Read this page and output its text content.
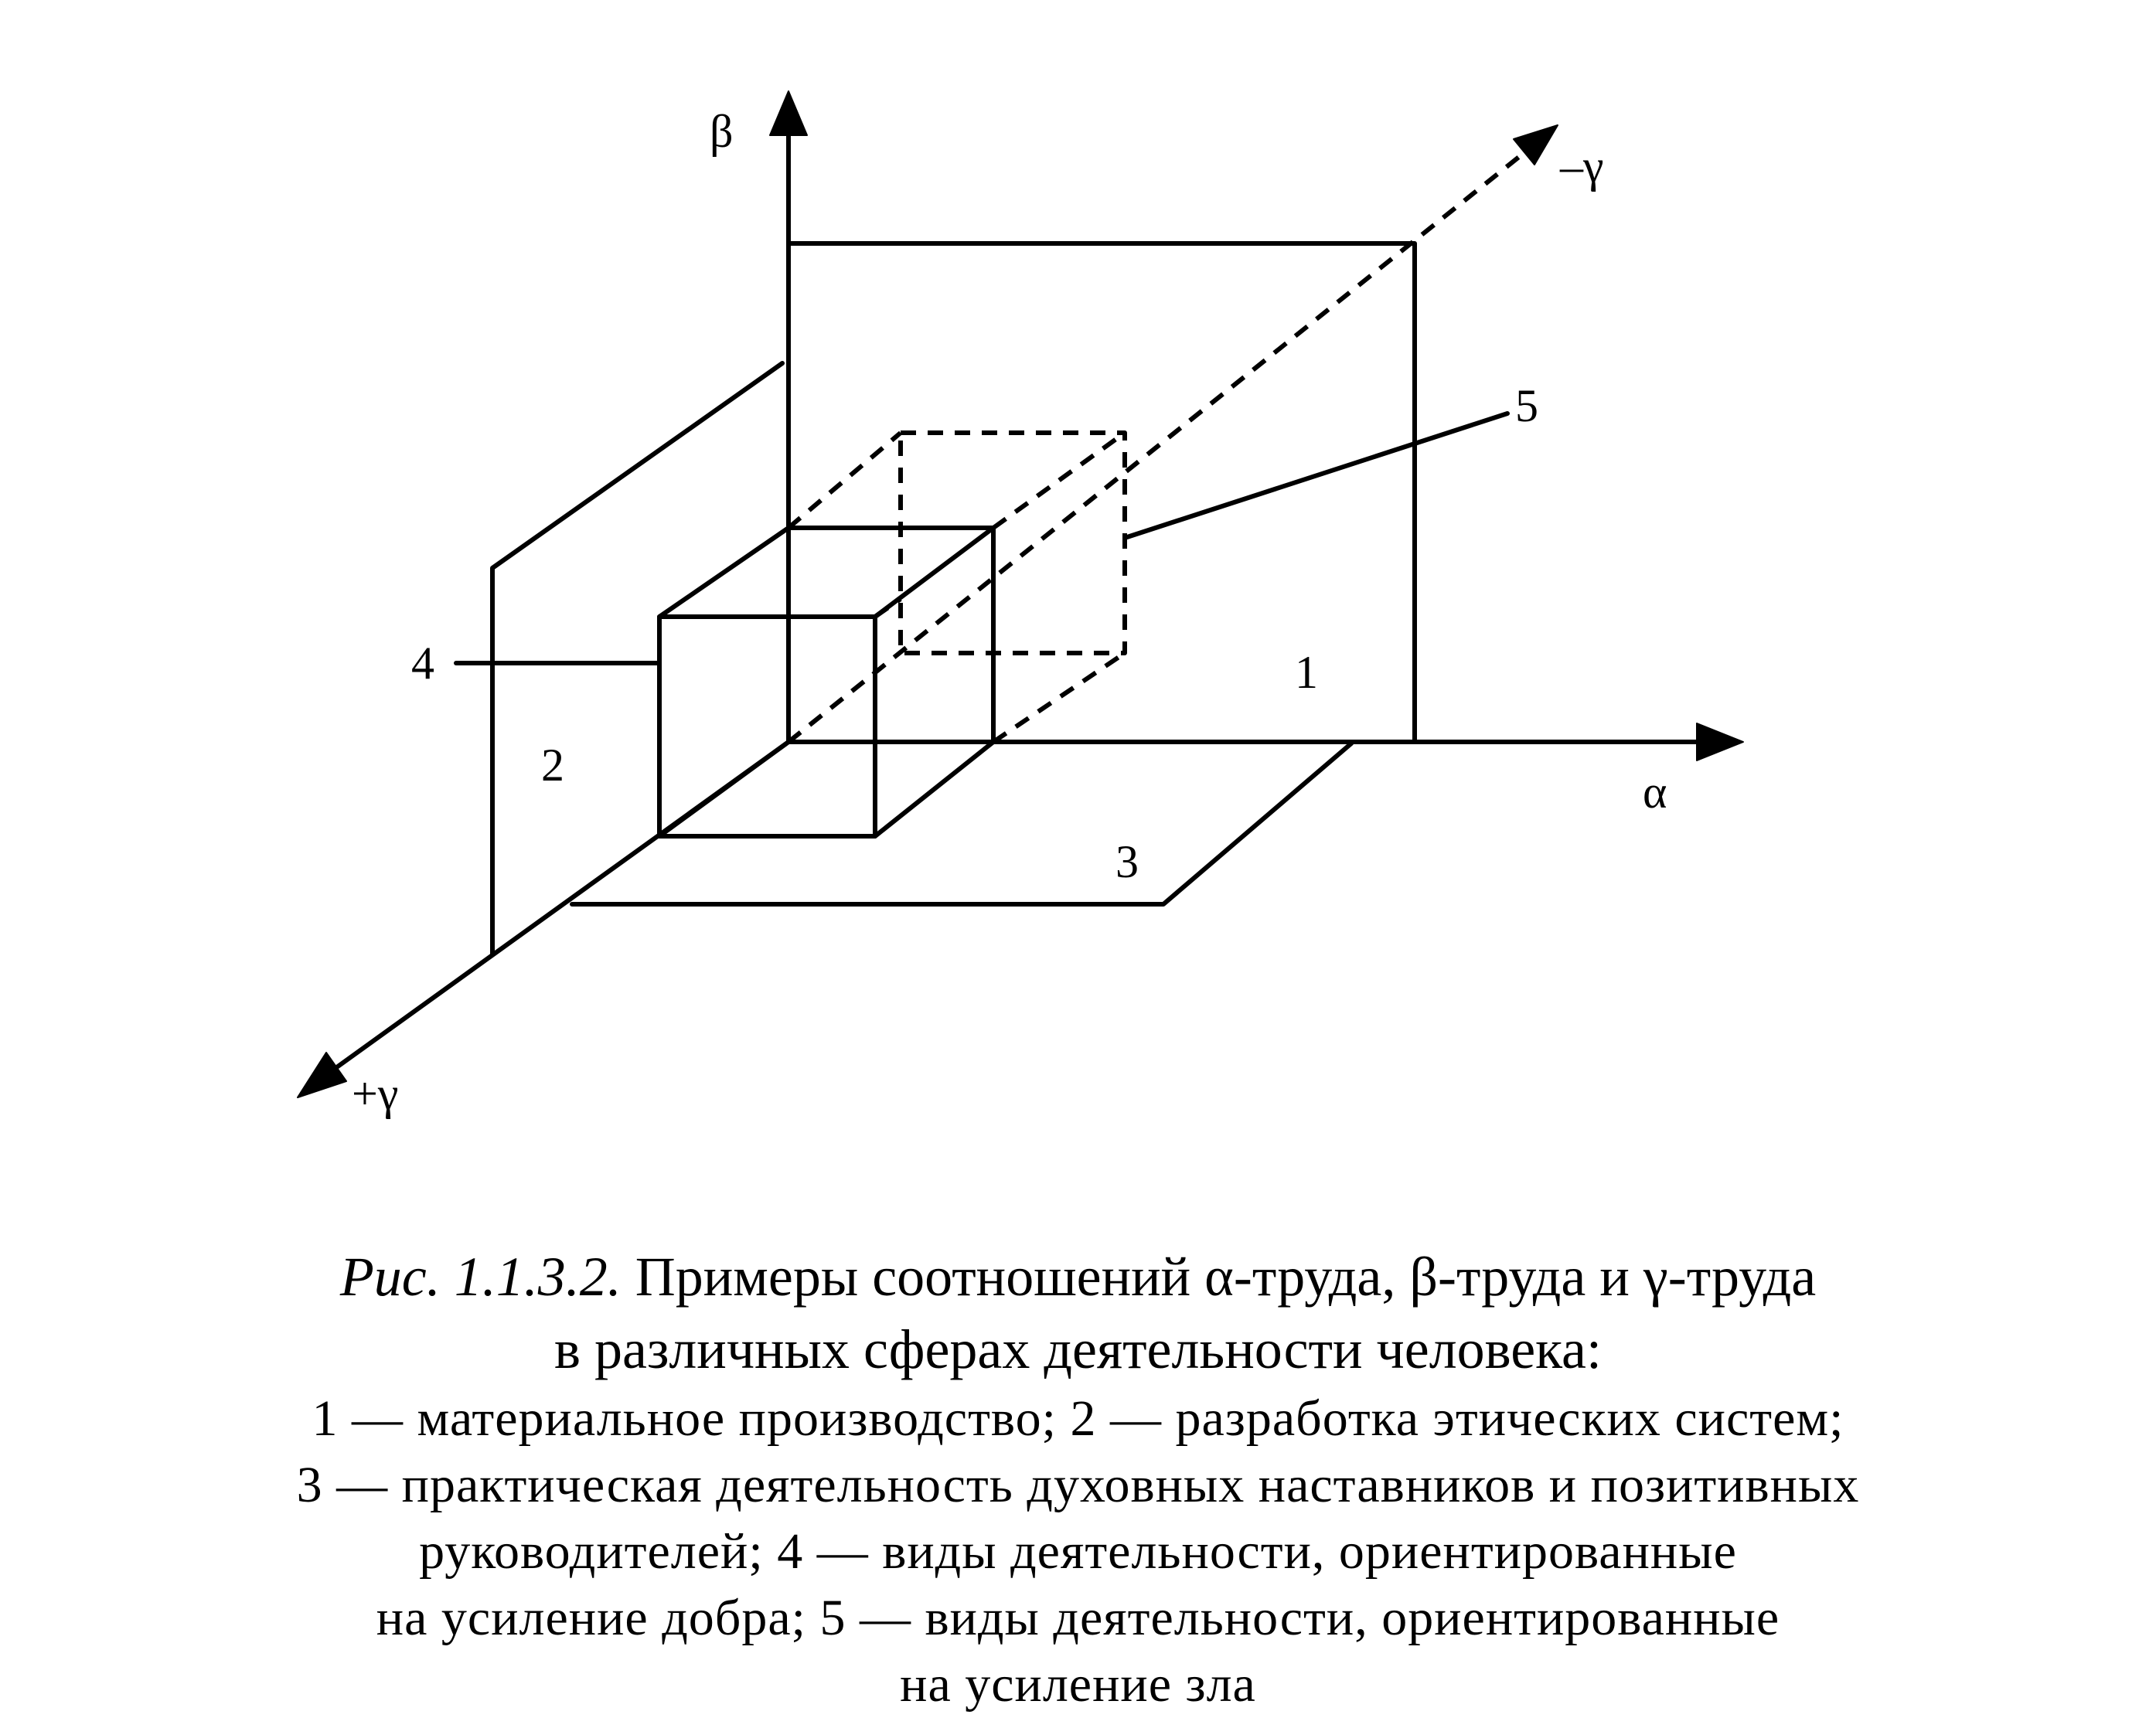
β
α
–γ
+γ
1
2
3
4
5
Рис. 1.1.3.2. Примеры соотношений α-труда, β-труда и γ-труда
в различных сферах деятельности человека:
1 — материальное производство; 2 — разработка этических систем;
3 — практическая деятельность духовных наставников и позитивных
руководителей; 4 — виды деятельности, ориентированные
на усиление добра; 5 — виды деятельности, ориентированные
на усиление зла
